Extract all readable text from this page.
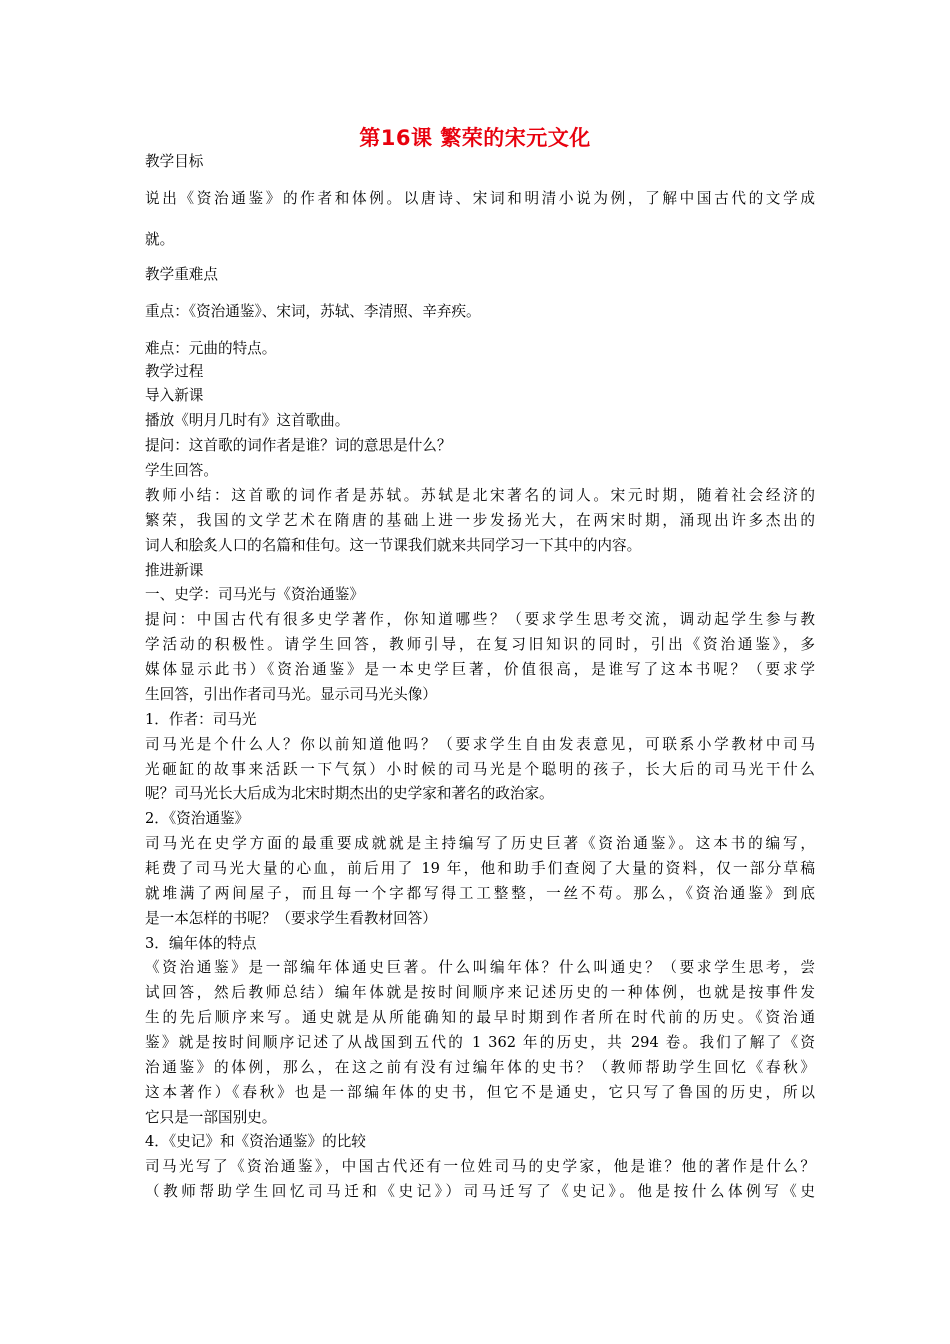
第16课 繁荣的宋元文化
教学目标
说出《资治通鉴》的作者和体例。以唐诗、宋词和明清小说为例，了解中国古代的文学成
就。
教学重难点
重点：《资治通鉴》、宋词，苏轼、李清照、辛弃疾。
难点：元曲的特点。
教学过程
导入新课
播放《明月几时有》这首歌曲。
提问：这首歌的词作者是谁？词的意思是什么？
学生回答。
教师小结：这首歌的词作者是苏轼。苏轼是北宋著名的词人。宋元时期，随着社会经济的
繁荣，我国的文学艺术在隋唐的基础上进一步发扬光大，在两宋时期，涌现出许多杰出的
词人和脍炙人口的名篇和佳句。这一节课我们就来共同学习一下其中的内容。
推进新课
一、史学：司马光与《资治通鉴》
提问：中国古代有很多史学著作，你知道哪些？（要求学生思考交流，调动起学生参与教
学活动的积极性。请学生回答，教师引导，在复习旧知识的同时，引出《资治通鉴》，多
媒体显示此书）《资治通鉴》是一本史学巨著，价值很高，是谁写了这本书呢？（要求学
生回答，引出作者司马光。显示司马光头像）
1．作者：司马光
司马光是个什么人？你以前知道他吗？（要求学生自由发表意见，可联系小学教材中司马
光砸缸的故事来活跃一下气氛）小时候的司马光是个聪明的孩子，长大后的司马光干什么
呢？司马光长大后成为北宋时期杰出的史学家和著名的政治家。
2．《资治通鉴》
司马光在史学方面的最重要成就就是主持编写了历史巨著《资治通鉴》。这本书的编写，
耗费了司马光大量的心血，前后用了 19 年，他和助手们查阅了大量的资料，仅一部分草稿
就堆满了两间屋子，而且每一个字都写得工工整整，一丝不苟。那么，《资治通鉴》到底
是一本怎样的书呢？（要求学生看教材回答）
3．编年体的特点
《资治通鉴》是一部编年体通史巨著。什么叫编年体？什么叫通史？（要求学生思考，尝
试回答，然后教师总结）编年体就是按时间顺序来记述历史的一种体例，也就是按事件发
生的先后顺序来写。通史就是从所能确知的最早时期到作者所在时代前的历史。《资治通
鉴》就是按时间顺序记述了从战国到五代的 1 362 年的历史，共 294 卷。我们了解了《资
治通鉴》的体例，那么，在这之前有没有过编年体的史书？（教师帮助学生回忆《春秋》
这本著作）《春秋》也是一部编年体的史书，但它不是通史，它只写了鲁国的历史，所以
它只是一部国别史。
4．《史记》和《资治通鉴》的比较
司马光写了《资治通鉴》，中国古代还有一位姓司马的史学家，他是谁？他的著作是什么？
（教师帮助学生回忆司马迁和《史记》）司马迁写了《史记》。他是按什么体例写《史
